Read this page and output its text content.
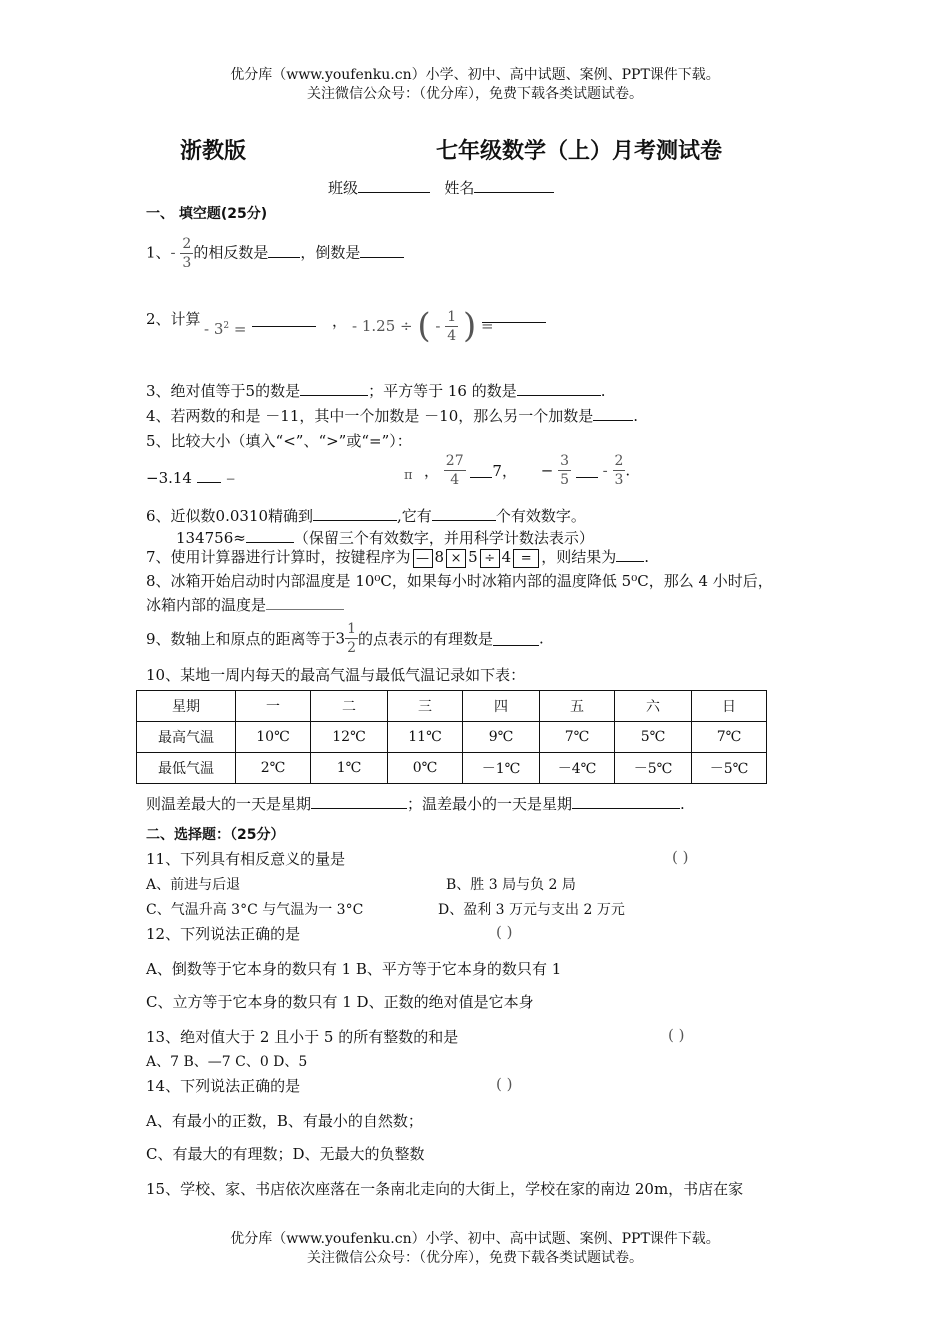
优分库（www.youfenku.cn）小学、初中、高中试题、案例、PPT课件下载。
关注微信公众号：（优分库），免费下载各类试题试卷。
浙教版	七年级数学（上）月考测试卷
班级	姓名
一、 填空题(25分)
1、- $\frac{2}{3}$ 的相反数是 ，倒数是
2、计算
- $3^2$ =	， - 1.25 ÷ ( - $\frac{1}{4}$ ) =
3、绝对值等于5的数是	；平方等于 16 的数是	.
4、若两数的和是 －11，其中一个加数是 －10，那么另一个加数是	.
5、比较大小（填入“<”、“>”或“=”）：
−3.14	−	π ， $\frac{27}{4} 7$， − $\frac{3}{5} - \frac{2}{3}$ .
6、近似数0.0310精确到	,它有	个有效数字。
134756≈	（保留三个有效数字，并用科学计数法表示）
7、使用计算器进行计算时，按键程序为 — 8 × 5 ÷ 4 = ，则结果为 .
8、冰箱开始启动时内部温度是 10⁰C，如果每小时冰箱内部的温度降低 5⁰C，那么 4 小时后，
冰箱内部的温度是
9、数轴上和原点的距离等于$3 \frac{1}{2}$ 的点表示的有理数是	.
10、某地一周内每天的最高气温与最低气温记录如下表：
星期	一	二	三	四	五	六	日
最高气温	10℃	12℃	11℃	9℃	7℃	5℃	7℃
最低气温	2℃	1℃	0℃	－1℃	－4℃	－5℃	－5℃
则温差最大的一天是星期	；温差最小的一天是星期	.
二、选择题：（25分）
11、下列具有相反意义的量是	( )
A、前进与后退	B、胜 3 局与负 2 局
C、气温升高 3°C 与气温为一 3°C	D、盈利 3 万元与支出 2 万元
12、下列说法正确的是	( )
A、倒数等于它本身的数只有 1 B、平方等于它本身的数只有 1
C、立方等于它本身的数只有 1 D、正数的绝对值是它本身
13、绝对值大于 2 且小于 5 的所有整数的和是	( )
A、7 B、—7 C、0 D、5
14、下列说法正确的是	( )
A、有最小的正数，B、有最小的自然数；
C、有最大的有理数；D、无最大的负整数
15、学校、家、书店依次座落在一条南北走向的大街上，学校在家的南边 20m，书店在家
优分库（www.youfenku.cn）小学、初中、高中试题、案例、PPT课件下载。
关注微信公众号：（优分库），免费下载各类试题试卷。
